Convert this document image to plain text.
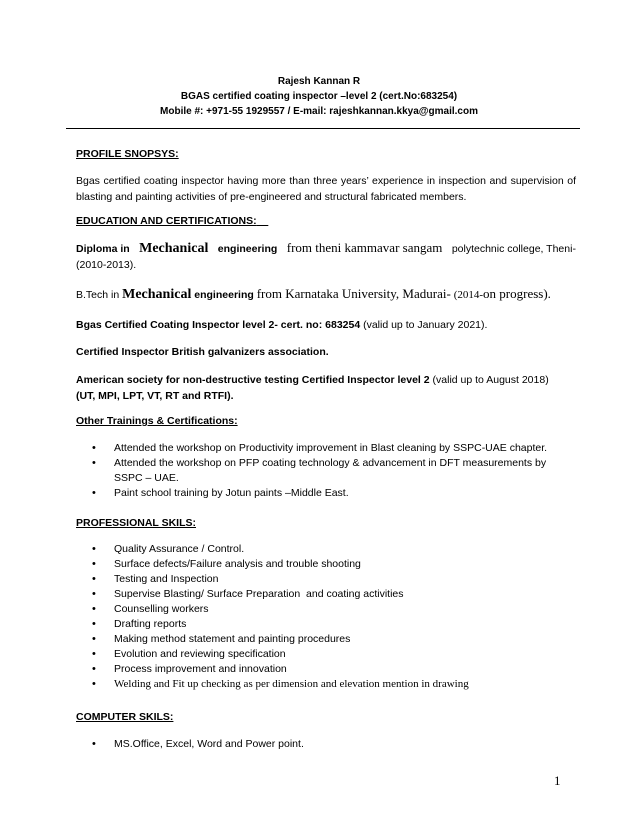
Rajesh Kannan R
BGAS certified coating inspector –level 2 (cert.No:683254)
Mobile #: +971-55 1929557 / E-mail: rajeshkannan.kkya@gmail.com
PROFILE SNOPSYS:
Bgas certified coating inspector having more than three years’ experience in inspection and supervision of blasting and painting activities of pre-engineered and structural fabricated members.
EDUCATION AND CERTIFICATIONS:
Diploma in Mechanical engineering from theni kammavar sangam polytechnic college, Theni-
(2010-2013).
B.Tech in Mechanical engineering from Karnataka University, Madurai- (2014-on progress).
Bgas Certified Coating Inspector level 2- cert. no: 683254 (valid up to January 2021).
Certified Inspector British galvanizers association.
American society for non-destructive testing Certified Inspector level 2 (valid up to August 2018)
(UT, MPI, LPT, VT, RT and RTFI).
Other Trainings & Certifications:
• Attended the workshop on Productivity improvement in Blast cleaning by SSPC-UAE chapter.
• Attended the workshop on PFP coating technology & advancement in DFT measurements by SSPC – UAE.
• Paint school training by Jotun paints –Middle East.
PROFESSIONAL SKILS:
• Quality Assurance / Control.
• Surface defects/Failure analysis and trouble shooting
• Testing and Inspection
• Supervise Blasting/ Surface Preparation  and coating activities
• Counselling workers
• Drafting reports
• Making method statement and painting procedures
• Evolution and reviewing specification
• Process improvement and innovation
• Welding and Fit up checking as per dimension and elevation mention in drawing
COMPUTER SKILS:
• MS.Office, Excel, Word and Power point.
1
